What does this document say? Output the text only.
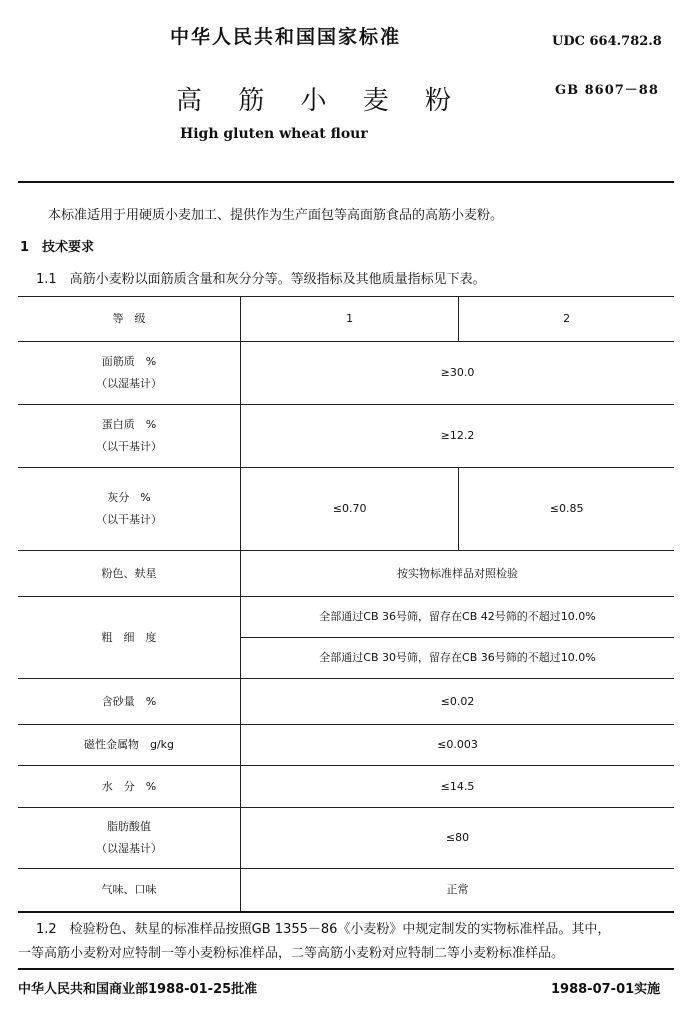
中华人民共和国国家标准	UDC 664.782.8
高 筋 小 麦 粉	GB 8607－88
High gluten wheat flour
本标准适用于用硬质小麦加工、提供作为生产面包等高面筋食品的高筋小麦粉。
1　技术要求
1.1　高筋小麦粉以面筋质含量和灰分分等。等级指标及其他质量指标见下表。
等　级	1	2

面筋质　%
（以湿基计）	≥30.0	

蛋白质　%
（以干基计）	≥12.2	

灰分　%
（以干基计）	≤0.70	≤0.85
粉色、麸星	按实物标准样品对照检验	
粗　细　度	全部通过CB 36号筛，留存在CB 42号筛的不超过10.0%	
	全部通过CB 30号筛，留存在CB 36号筛的不超过10.0%	
含砂量　%	≤0.02	
磁性金属物　g/kg	≤0.003	
水　分　%	≤14.5	

脂肪酸值
（以湿基计）	≤80	
气味、口味	正常	
1.2　检验粉色、麸星的标准样品按照GB 1355－86《小麦粉》中规定制发的实物标准样品。其中，
一等高筋小麦粉对应特制一等小麦粉标准样品，二等高筋小麦粉对应特制二等小麦粉标准样品。
中华人民共和国商业部1988-01-25批准	1988-07-01实施
